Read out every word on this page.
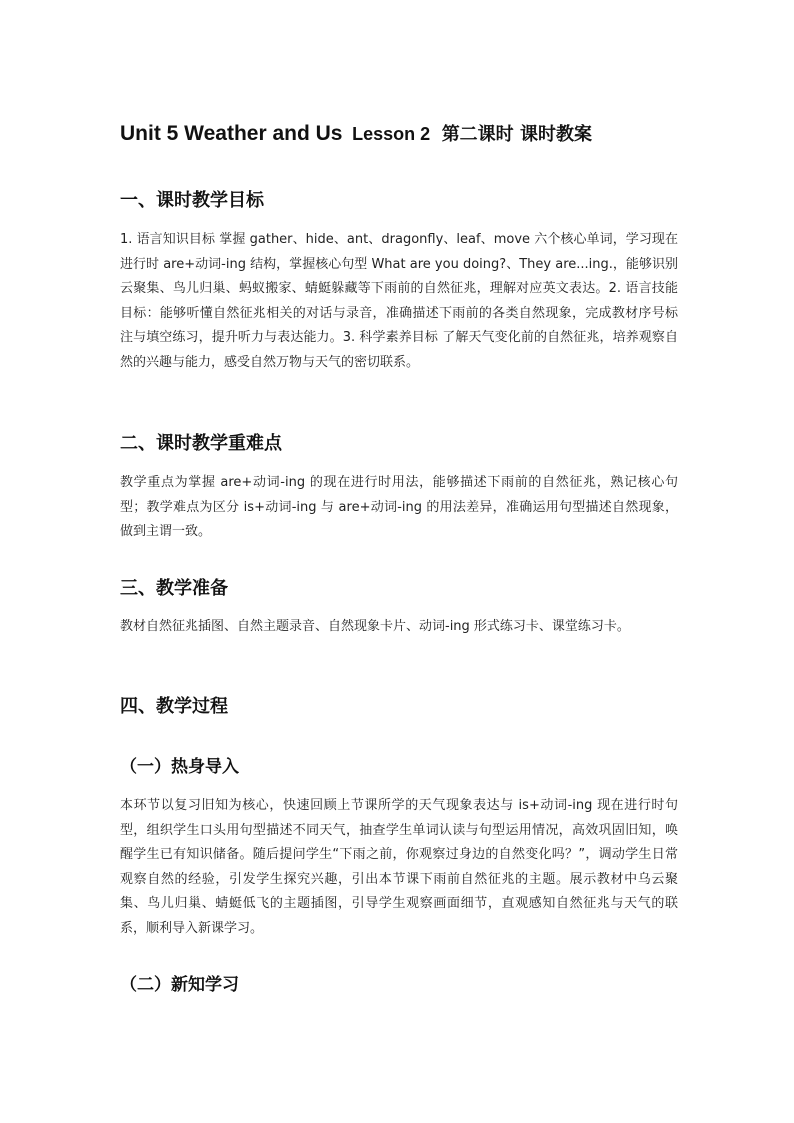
Unit 5 Weather and Us Lesson 2 第二课时 课时教案
一、课时教学目标
1. 语言知识目标 掌握 gather、hide、ant、dragonfly、leaf、move 六个核心单词，学习现在进行时 are+动词-ing 结构，掌握核心句型 What are you doing?、They are...ing.，能够识别云聚集、鸟儿归巢、蚂蚁搬家、蜻蜓躲藏等下雨前的自然征兆，理解对应英文表达。2. 语言技能目标：能够听懂自然征兆相关的对话与录音，准确描述下雨前的各类自然现象，完成教材序号标注与填空练习，提升听力与表达能力。3. 科学素养目标 了解天气变化前的自然征兆，培养观察自然的兴趣与能力，感受自然万物与天气的密切联系。
二、课时教学重难点
教学重点为掌握 are+动词-ing 的现在进行时用法，能够描述下雨前的自然征兆，熟记核心句型；教学难点为区分 is+动词-ing 与 are+动词-ing 的用法差异，准确运用句型描述自然现象，做到主谓一致。
三、教学准备
教材自然征兆插图、自然主题录音、自然现象卡片、动词-ing 形式练习卡、课堂练习卡。
四、教学过程
（一）热身导入
本环节以复习旧知为核心，快速回顾上节课所学的天气现象表达与 is+动词-ing 现在进行时句型，组织学生口头用句型描述不同天气，抽查学生单词认读与句型运用情况，高效巩固旧知，唤醒学生已有知识储备。随后提问学生“下雨之前，你观察过身边的自然变化吗？”，调动学生日常观察自然的经验，引发学生探究兴趣，引出本节课下雨前自然征兆的主题。展示教材中乌云聚集、鸟儿归巢、蜻蜓低飞的主题插图，引导学生观察画面细节，直观感知自然征兆与天气的联系，顺利导入新课学习。
（二）新知学习
